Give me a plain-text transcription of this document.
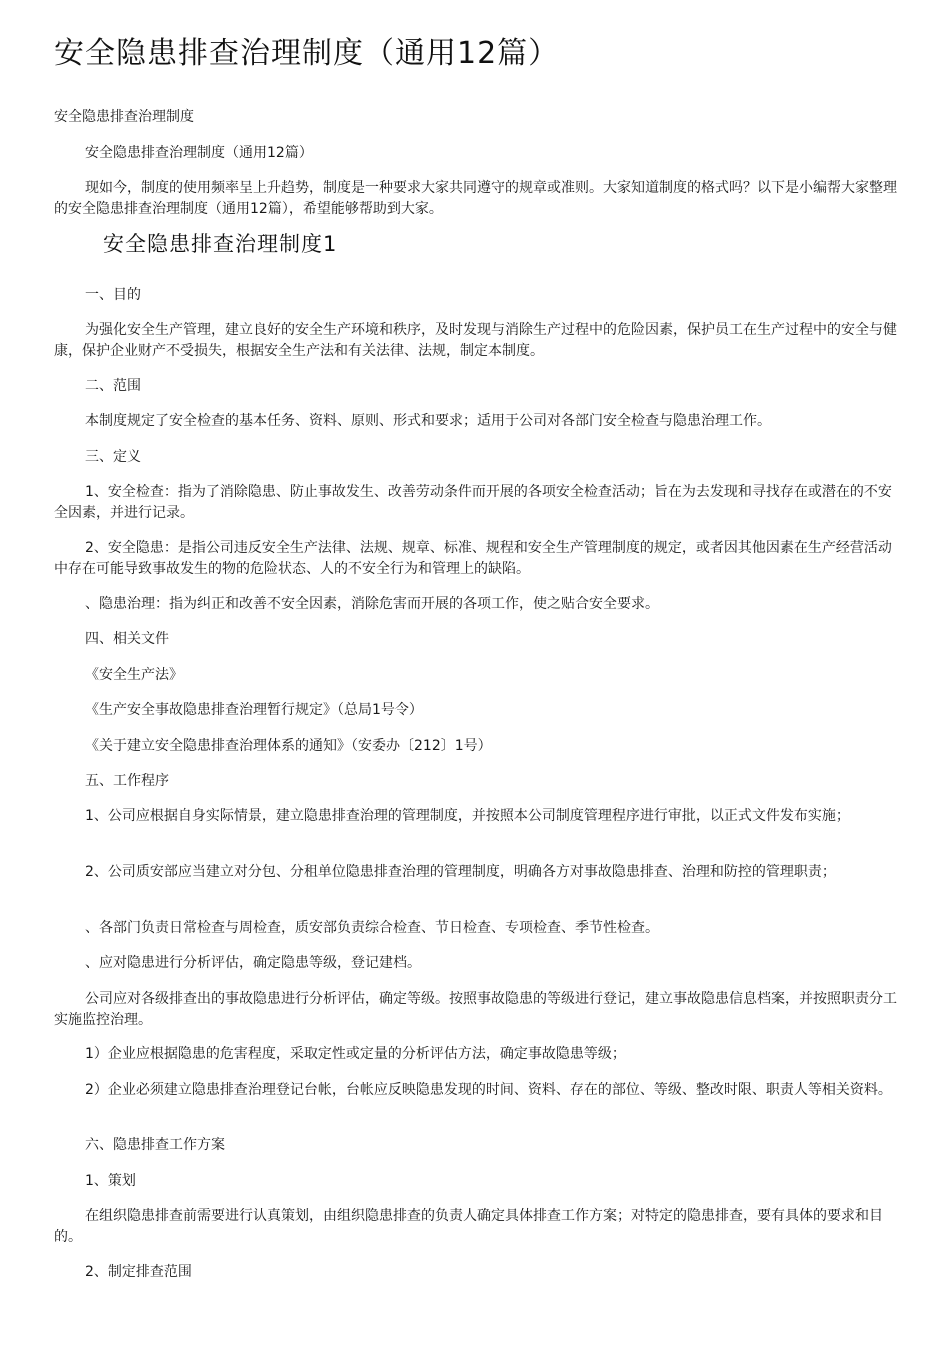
安全隐患排查治理制度（通用12篇）

安全隐患排查治理制度

安全隐患排查治理制度（通用12篇）

现如今，制度的使用频率呈上升趋势，制度是一种要求大家共同遵守的规章或准则。大家知道制度的格式吗？以下是小编帮大家整理的安全隐患排查治理制度（通用12篇），希望能够帮助到大家。

安全隐患排查治理制度1

一、目的

为强化安全生产管理，建立良好的安全生产环境和秩序，及时发现与消除生产过程中的危险因素，保护员工在生产过程中的安全与健康，保护企业财产不受损失，根据安全生产法和有关法律、法规，制定本制度。

二、范围

本制度规定了安全检查的基本任务、资料、原则、形式和要求；适用于公司对各部门安全检查与隐患治理工作。

三、定义

1、安全检查：指为了消除隐患、防止事故发生、改善劳动条件而开展的各项安全检查活动；旨在为去发现和寻找存在或潜在的不安全因素，并进行记录。

2、安全隐患：是指公司违反安全生产法律、法规、规章、标准、规程和安全生产管理制度的规定，或者因其他因素在生产经营活动中存在可能导致事故发生的物的危险状态、人的不安全行为和管理上的缺陷。

、隐患治理：指为纠正和改善不安全因素，消除危害而开展的各项工作，使之贴合安全要求。

四、相关文件

《安全生产法》

《生产安全事故隐患排查治理暂行规定》（总局1号令）

《关于建立安全隐患排查治理体系的通知》（安委办〔212〕1号）

五、工作程序

1、公司应根据自身实际情景，建立隐患排查治理的管理制度，并按照本公司制度管理程序进行审批，以正式文件发布实施；

2、公司质安部应当建立对分包、分租单位隐患排查治理的管理制度，明确各方对事故隐患排查、治理和防控的管理职责；

、各部门负责日常检查与周检查，质安部负责综合检查、节日检查、专项检查、季节性检查。

、应对隐患进行分析评估，确定隐患等级，登记建档。

公司应对各级排查出的事故隐患进行分析评估，确定等级。按照事故隐患的等级进行登记，建立事故隐患信息档案，并按照职责分工实施监控治理。

1）企业应根据隐患的危害程度，采取定性或定量的分析评估方法，确定事故隐患等级；

2）企业必须建立隐患排查治理登记台帐，台帐应反映隐患发现的时间、资料、存在的部位、等级、整改时限、职责人等相关资料。

六、隐患排查工作方案

1、策划

在组织隐患排查前需要进行认真策划，由组织隐患排查的负责人确定具体排查工作方案；对特定的隐患排查，要有具体的要求和目的。

2、制定排查范围
